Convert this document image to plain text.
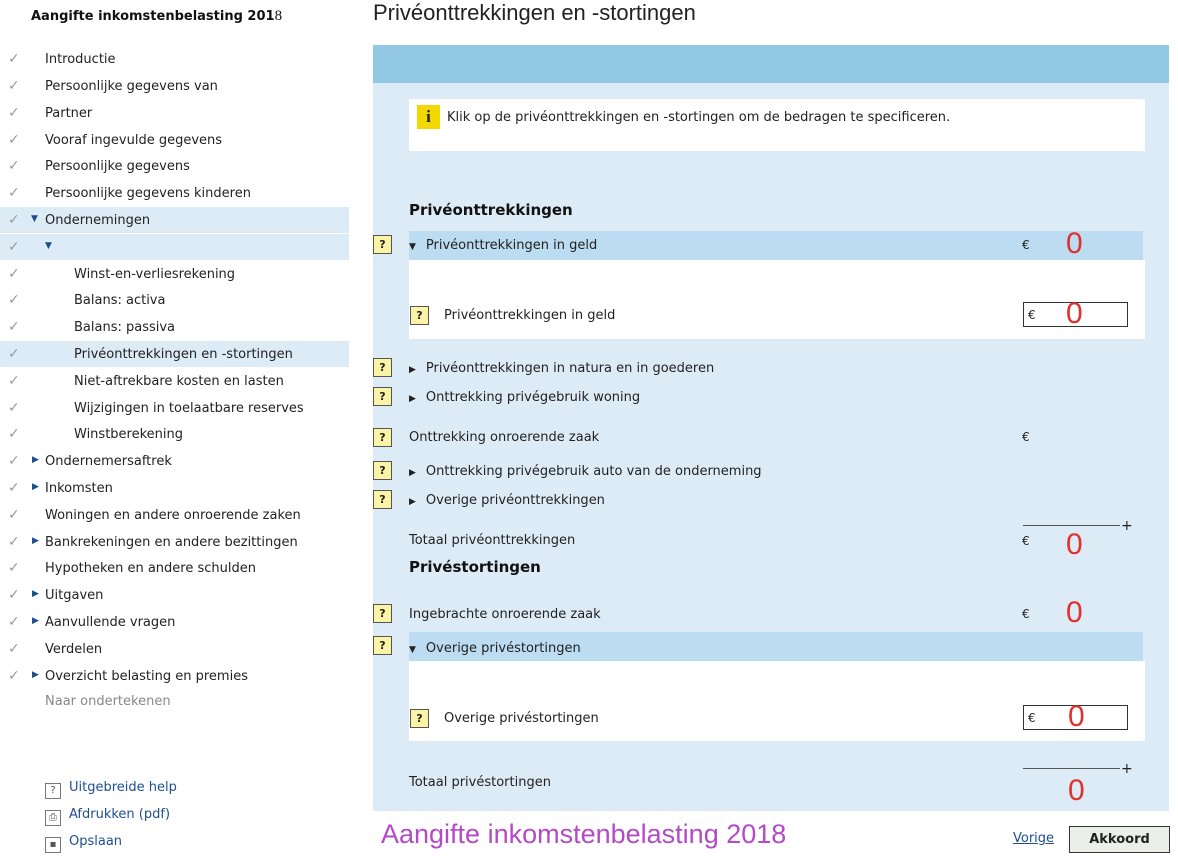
Aangifte inkomstenbelasting 2018
✓ Introductie
✓ Persoonlijke gegevens van
✓ Partner
✓ Vooraf ingevulde gegevens
✓ Persoonlijke gegevens
✓ Persoonlijke gegevens kinderen
✓ ▼ Ondernemingen
✓	▼
✓	Winst-en-verliesrekening
✓	Balans: activa
✓	Balans: passiva
✓	Privéonttrekkingen en -stortingen
✓	Niet-aftrekbare kosten en lasten
✓	Wijzigingen in toelaatbare reserves
✓	Winstberekening
✓ ▶ Ondernemersaftrek
✓ ▶ Inkomsten
✓ Woningen en andere onroerende zaken
✓ ▶ Bankrekeningen en andere bezittingen
✓ Hypotheken en andere schulden
✓ ▶ Uitgaven
✓ ▶ Aanvullende vragen
✓ Verdelen
✓ ▶ Overzicht belasting en premies
Naar ondertekenen
? Uitgebreide help
⎙ Afdrukken (pdf)
▪ Opslaan
Privéonttrekkingen en -stortingen
i	Klik op de privéonttrekkingen en -stortingen om de bedragen te specificeren.
Privéonttrekkingen
?	▼ Privéonttrekkingen in geld	€ 0
?	Privéonttrekkingen in geld	€ 0
?	▶ Privéonttrekkingen in natura en in goederen
?	▶ Onttrekking privégebruik woning
?	Onttrekking onroerende zaak	€
?	▶ Onttrekking privégebruik auto van de onderneming
?	▶ Overige privéonttrekkingen
+
Totaal privéonttrekkingen	€ 0
Privéstortingen
?	Ingebrachte onroerende zaak	€ 0
?	▼ Overige privéstortingen
?	Overige privéstortingen	€ 0
+
Totaal privéstortingen	0
Aangifte inkomstenbelasting 2018	Vorige	Akkoord
